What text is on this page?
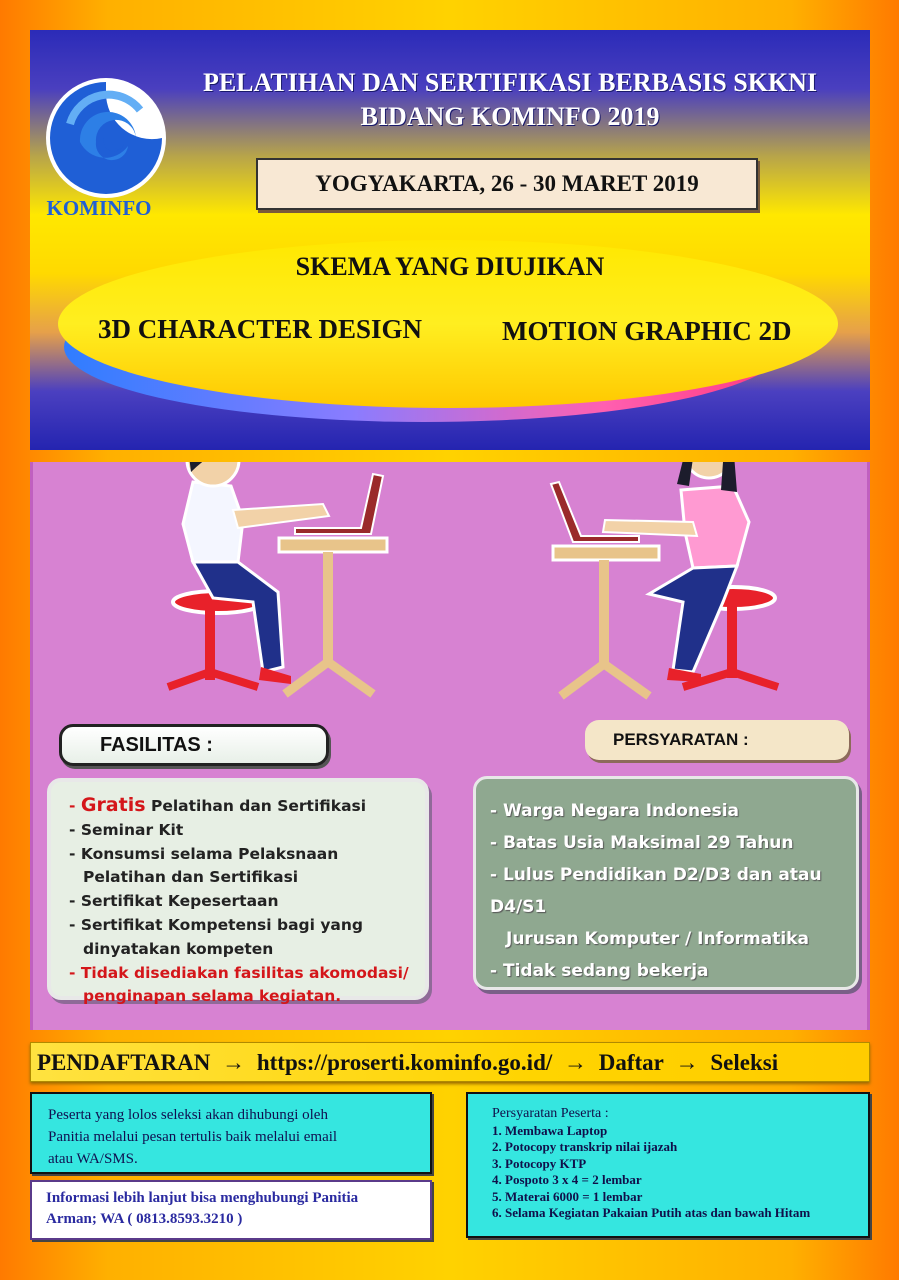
KOMINFO
PELATIHAN DAN SERTIFIKASI BERBASIS SKKNI
BIDANG KOMINFO 2019
YOGYAKARTA, 26 - 30 MARET 2019
SKEMA YANG DIUJIKAN
3D CHARACTER DESIGN	MOTION GRAPHIC 2D
FASILITAS :	PERSYARATAN :
- Gratis Pelatihan dan Sertifikasi
- Seminar Kit
- Konsumsi selama Pelaksnaan
Pelatihan dan Sertifikasi
- Sertifikat Kepesertaan
- Sertifikat Kompetensi bagi yang
dinyatakan kompeten
- Tidak disediakan fasilitas akomodasi/
penginapan selama kegiatan.
- Warga Negara Indonesia
- Batas Usia Maksimal 29 Tahun
- Lulus Pendidikan D2/D3 dan atau D4/S1
Jurusan Komputer / Informatika
- Tidak sedang bekerja
PENDAFTARAN → https://proserti.kominfo.go.id/ → Daftar → Seleksi
Peserta yang lolos seleksi akan dihubungi oleh
Panitia melalui pesan tertulis baik melalui email
atau WA/SMS.
Informasi lebih lanjut bisa menghubungi Panitia
Arman; WA ( 0813.8593.3210 )
Persyaratan Peserta :
1. Membawa Laptop
2. Potocopy transkrip nilai ijazah
3. Potocopy KTP
4. Pospoto 3 x 4 = 2 lembar
5. Materai 6000 = 1 lembar
6. Selama Kegiatan Pakaian Putih atas dan bawah Hitam
